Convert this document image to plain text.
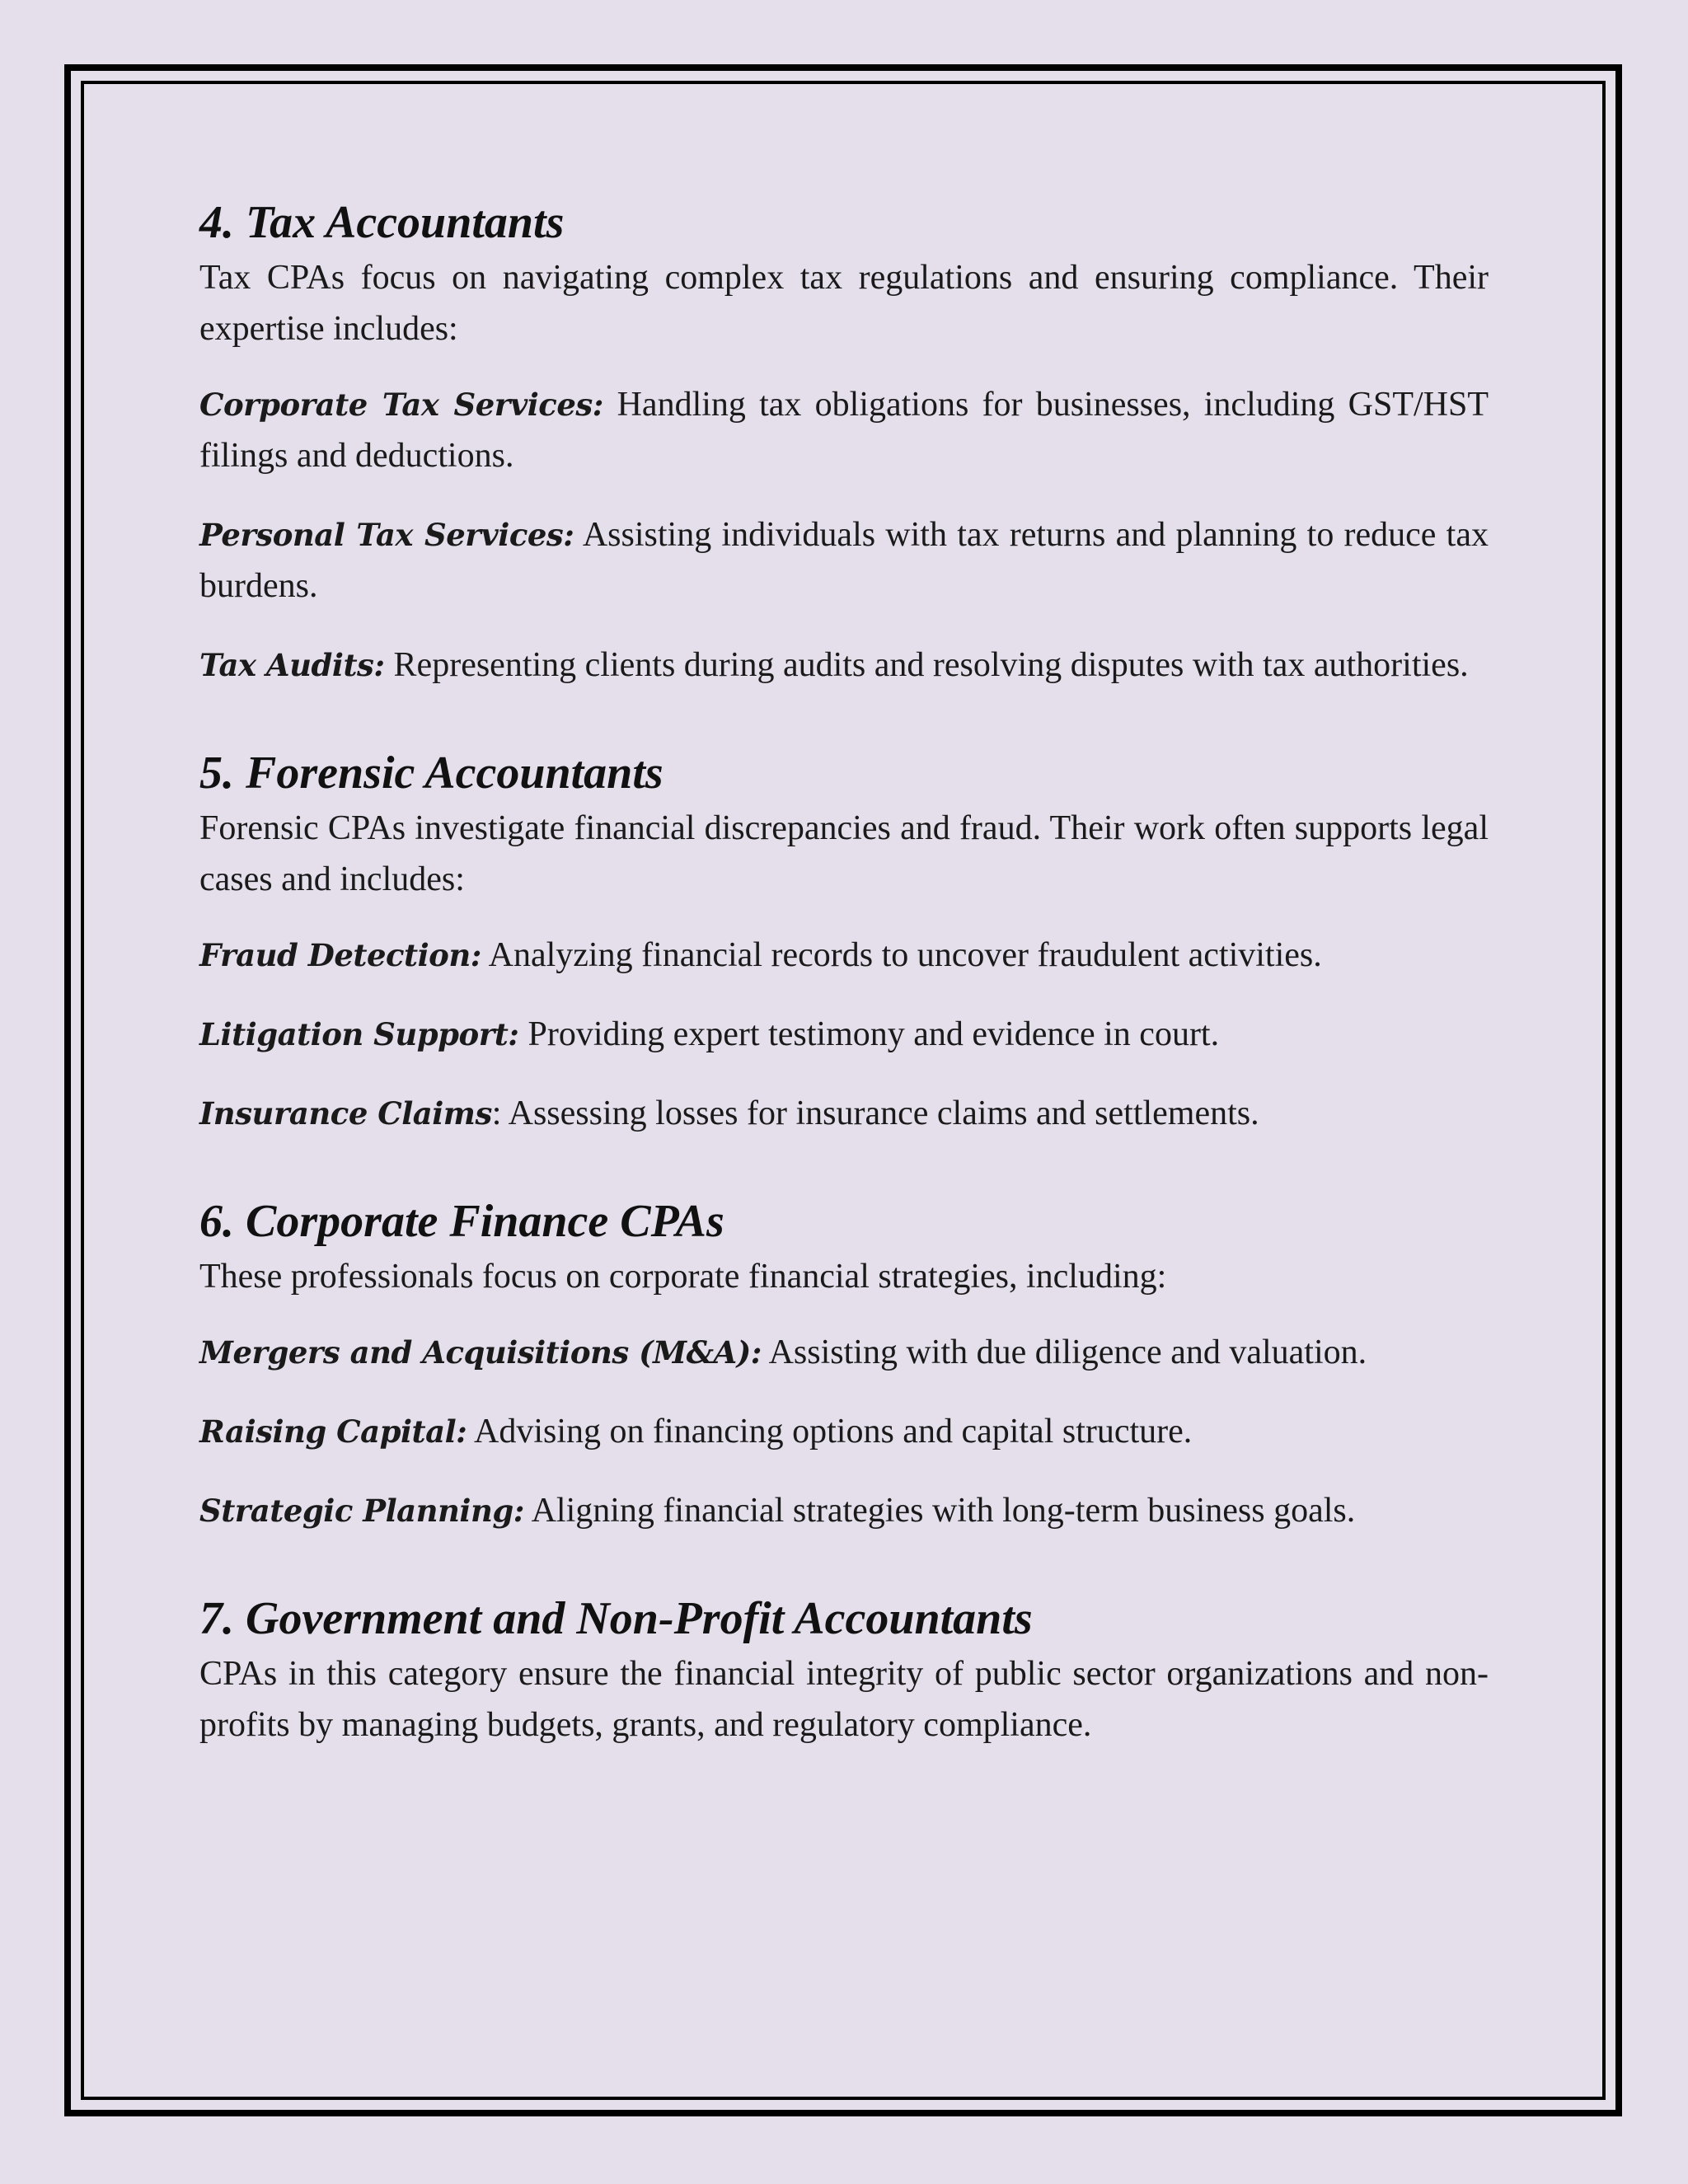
4. Tax Accountants

Tax CPAs focus on navigating complex tax regulations and ensuring compliance. Their expertise includes:

Corporate Tax Services: Handling tax obligations for businesses, including GST/HST filings and deductions.

Personal Tax Services: Assisting individuals with tax returns and planning to reduce tax burdens.

Tax Audits: Representing clients during audits and resolving disputes with tax authorities.

5. Forensic Accountants

Forensic CPAs investigate financial discrepancies and fraud. Their work often supports legal cases and includes:

Fraud Detection: Analyzing financial records to uncover fraudulent activities.

Litigation Support: Providing expert testimony and evidence in court.

Insurance Claims: Assessing losses for insurance claims and settlements.

6. Corporate Finance CPAs

These professionals focus on corporate financial strategies, including:

Mergers and Acquisitions (M&A): Assisting with due diligence and valuation.

Raising Capital: Advising on financing options and capital structure.

Strategic Planning: Aligning financial strategies with long-term business goals.

7. Government and Non-Profit Accountants

CPAs in this category ensure the financial integrity of public sector organizations and non-profits by managing budgets, grants, and regulatory compliance.
